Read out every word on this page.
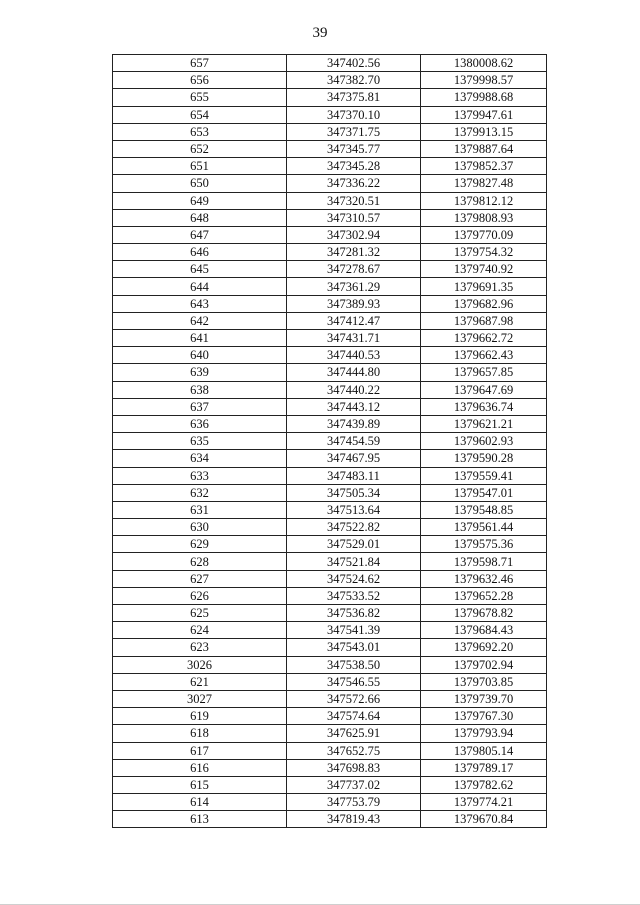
39
657	347402.56	1380008.62
656	347382.70	1379998.57
655	347375.81	1379988.68
654	347370.10	1379947.61
653	347371.75	1379913.15
652	347345.77	1379887.64
651	347345.28	1379852.37
650	347336.22	1379827.48
649	347320.51	1379812.12
648	347310.57	1379808.93
647	347302.94	1379770.09
646	347281.32	1379754.32
645	347278.67	1379740.92
644	347361.29	1379691.35
643	347389.93	1379682.96
642	347412.47	1379687.98
641	347431.71	1379662.72
640	347440.53	1379662.43
639	347444.80	1379657.85
638	347440.22	1379647.69
637	347443.12	1379636.74
636	347439.89	1379621.21
635	347454.59	1379602.93
634	347467.95	1379590.28
633	347483.11	1379559.41
632	347505.34	1379547.01
631	347513.64	1379548.85
630	347522.82	1379561.44
629	347529.01	1379575.36
628	347521.84	1379598.71
627	347524.62	1379632.46
626	347533.52	1379652.28
625	347536.82	1379678.82
624	347541.39	1379684.43
623	347543.01	1379692.20
3026	347538.50	1379702.94
621	347546.55	1379703.85
3027	347572.66	1379739.70
619	347574.64	1379767.30
618	347625.91	1379793.94
617	347652.75	1379805.14
616	347698.83	1379789.17
615	347737.02	1379782.62
614	347753.79	1379774.21
613	347819.43	1379670.84
